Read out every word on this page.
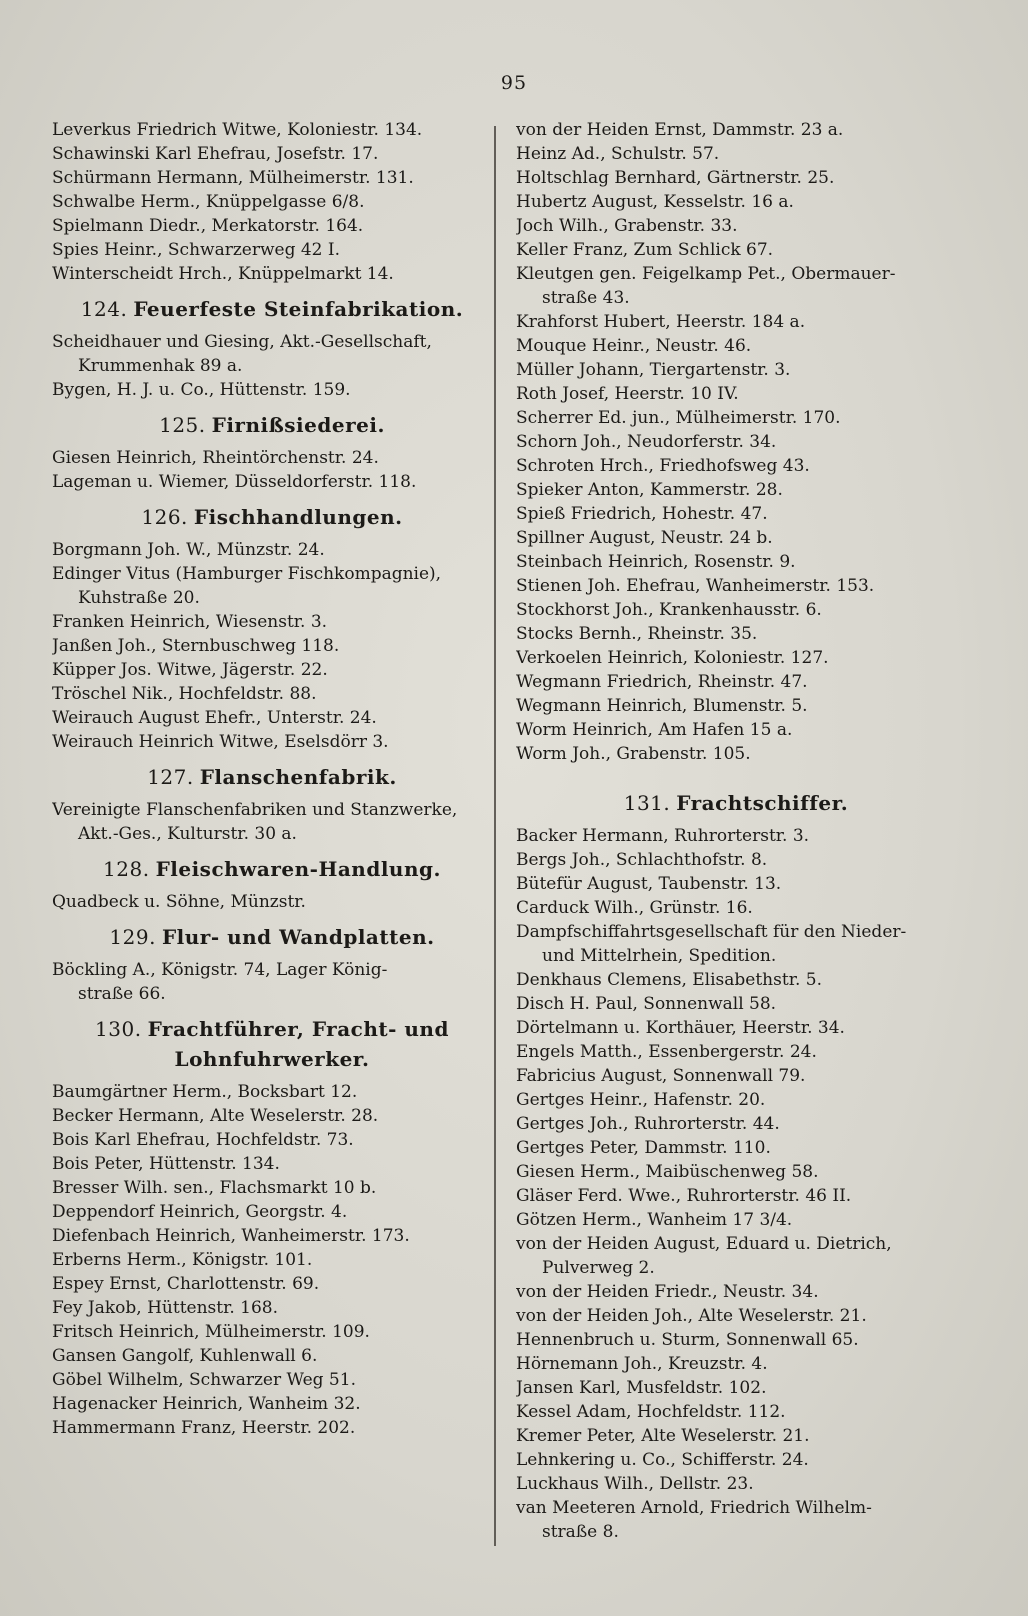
95
Leverkus Friedrich Witwe, Koloniestr. 134.
Schawinski Karl Ehefrau, Josefstr. 17.
Schürmann Hermann, Mülheimerstr. 131.
Schwalbe Herm., Knüppelgasse 6/8.
Spielmann Diedr., Merkatorstr. 164.
Spies Heinr., Schwarzerweg 42 I.
Winterscheidt Hrch., Knüppelmarkt 14.
124. Feuerfeste Steinfabrikation.
Scheidhauer und Giesing, Akt.-Gesellschaft,
Krummenhak 89 a.
Bygen, H. J. u. Co., Hüttenstr. 159.
125. Firnißsiederei.
Giesen Heinrich, Rheintörchenstr. 24.
Lageman u. Wiemer, Düsseldorferstr. 118.
126. Fischhandlungen.
Borgmann Joh. W., Münzstr. 24.
Edinger Vitus (Hamburger Fischkompagnie),
Kuhstraße 20.
Franken Heinrich, Wiesenstr. 3.
Janßen Joh., Sternbuschweg 118.
Küpper Jos. Witwe, Jägerstr. 22.
Tröschel Nik., Hochfeldstr. 88.
Weirauch August Ehefr., Unterstr. 24.
Weirauch Heinrich Witwe, Eselsdörr 3.
127. Flanschenfabrik.
Vereinigte Flanschenfabriken und Stanzwerke,
Akt.-Ges., Kulturstr. 30 a.
128. Fleischwaren-Handlung.
Quadbeck u. Söhne, Münzstr.
129. Flur- und Wandplatten.
Böckling A., Königstr. 74, Lager König-
straße 66.
130. Frachtführer, Fracht- und Lohnfuhrwerker.
Baumgärtner Herm., Bocksbart 12.
Becker Hermann, Alte Weselerstr. 28.
Bois Karl Ehefrau, Hochfeldstr. 73.
Bois Peter, Hüttenstr. 134.
Bresser Wilh. sen., Flachsmarkt 10 b.
Deppendorf Heinrich, Georgstr. 4.
Diefenbach Heinrich, Wanheimerstr. 173.
Erberns Herm., Königstr. 101.
Espey Ernst, Charlottenstr. 69.
Fey Jakob, Hüttenstr. 168.
Fritsch Heinrich, Mülheimerstr. 109.
Gansen Gangolf, Kuhlenwall 6.
Göbel Wilhelm, Schwarzer Weg 51.
Hagenacker Heinrich, Wanheim 32.
Hammermann Franz, Heerstr. 202.
von der Heiden Ernst, Dammstr. 23 a.
Heinz Ad., Schulstr. 57.
Holtschlag Bernhard, Gärtnerstr. 25.
Hubertz August, Kesselstr. 16 a.
Joch Wilh., Grabenstr. 33.
Keller Franz, Zum Schlick 67.
Kleutgen gen. Feigelkamp Pet., Obermauer-
straße 43.
Krahforst Hubert, Heerstr. 184 a.
Mouque Heinr., Neustr. 46.
Müller Johann, Tiergartenstr. 3.
Roth Josef, Heerstr. 10 IV.
Scherrer Ed. jun., Mülheimerstr. 170.
Schorn Joh., Neudorferstr. 34.
Schroten Hrch., Friedhofsweg 43.
Spieker Anton, Kammerstr. 28.
Spieß Friedrich, Hohestr. 47.
Spillner August, Neustr. 24 b.
Steinbach Heinrich, Rosenstr. 9.
Stienen Joh. Ehefrau, Wanheimerstr. 153.
Stockhorst Joh., Krankenhausstr. 6.
Stocks Bernh., Rheinstr. 35.
Verkoelen Heinrich, Koloniestr. 127.
Wegmann Friedrich, Rheinstr. 47.
Wegmann Heinrich, Blumenstr. 5.
Worm Heinrich, Am Hafen 15 a.
Worm Joh., Grabenstr. 105.
131. Frachtschiffer.
Backer Hermann, Ruhrorterstr. 3.
Bergs Joh., Schlachthofstr. 8.
Bütefür August, Taubenstr. 13.
Carduck Wilh., Grünstr. 16.
Dampfschiffahrtsgesellschaft für den Nieder-
und Mittelrhein, Spedition.
Denkhaus Clemens, Elisabethstr. 5.
Disch H. Paul, Sonnenwall 58.
Dörtelmann u. Korthäuer, Heerstr. 34.
Engels Matth., Essenbergerstr. 24.
Fabricius August, Sonnenwall 79.
Gertges Heinr., Hafenstr. 20.
Gertges Joh., Ruhrorterstr. 44.
Gertges Peter, Dammstr. 110.
Giesen Herm., Maibüschenweg 58.
Gläser Ferd. Wwe., Ruhrorterstr. 46 II.
Götzen Herm., Wanheim 17 3/4.
von der Heiden August, Eduard u. Dietrich,
Pulverweg 2.
von der Heiden Friedr., Neustr. 34.
von der Heiden Joh., Alte Weselerstr. 21.
Hennenbruch u. Sturm, Sonnenwall 65.
Hörnemann Joh., Kreuzstr. 4.
Jansen Karl, Musfeldstr. 102.
Kessel Adam, Hochfeldstr. 112.
Kremer Peter, Alte Weselerstr. 21.
Lehnkering u. Co., Schifferstr. 24.
Luckhaus Wilh., Dellstr. 23.
van Meeteren Arnold, Friedrich Wilhelm-
straße 8.
